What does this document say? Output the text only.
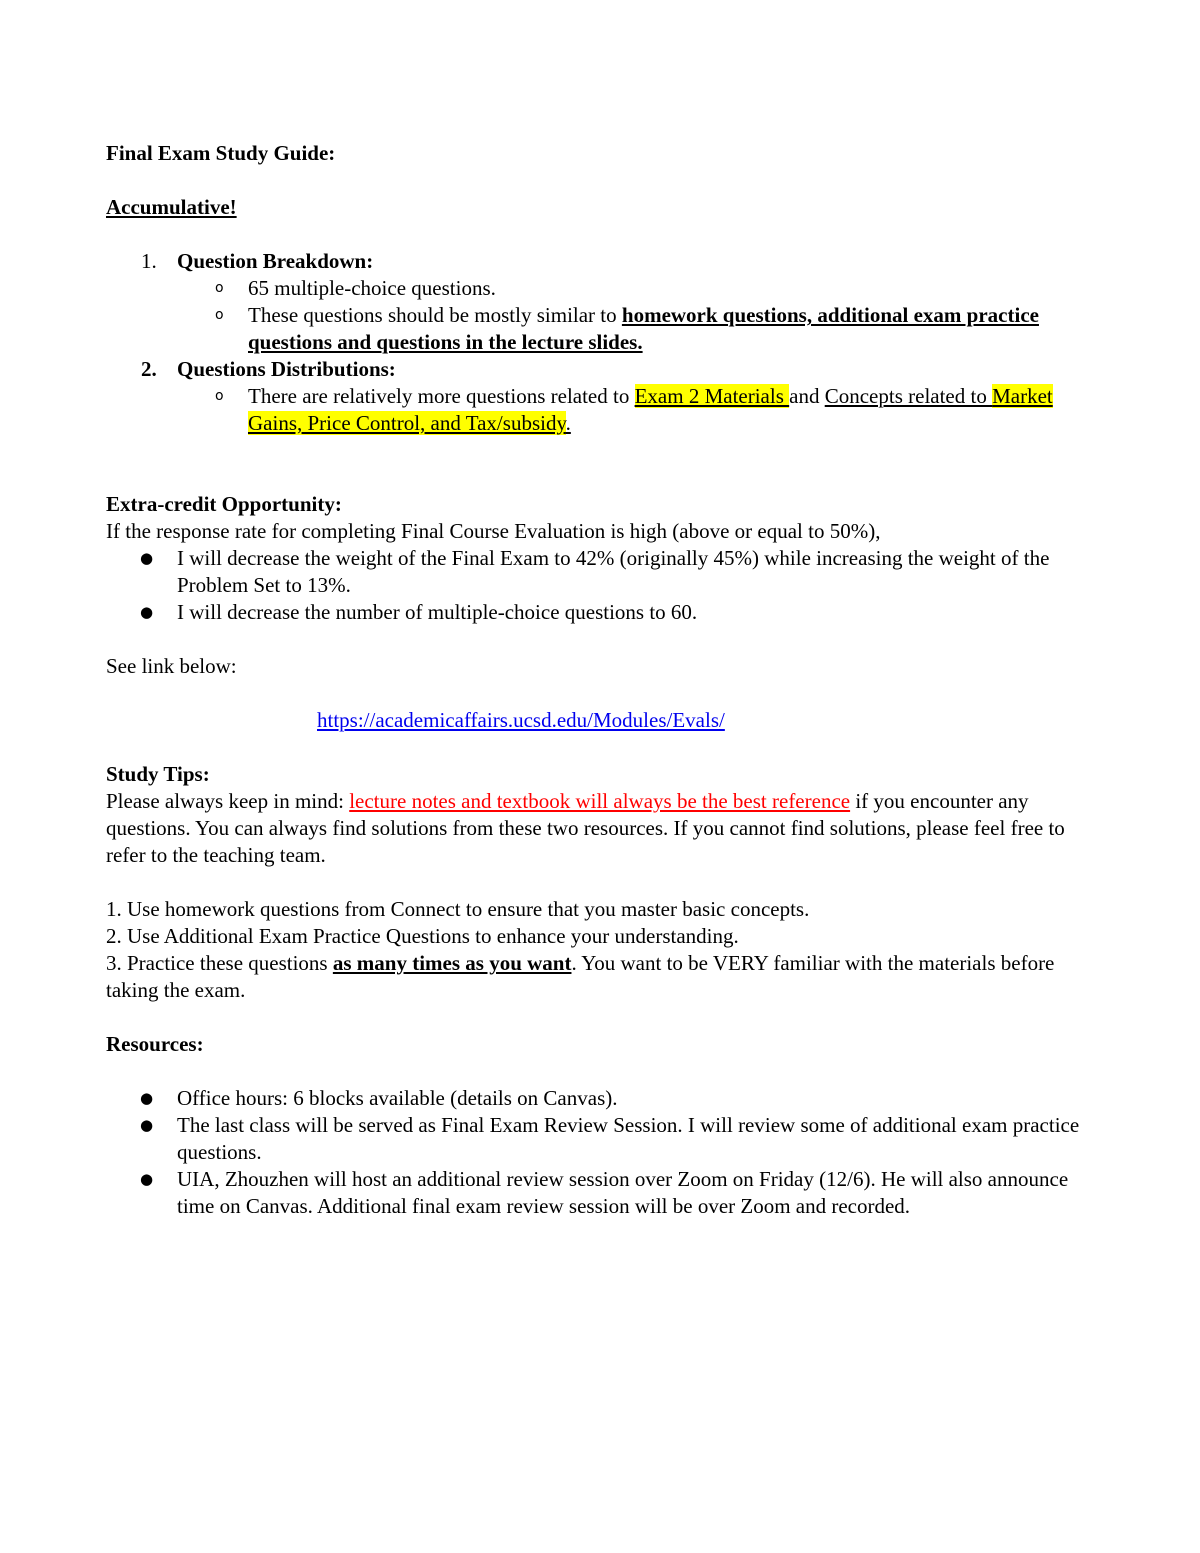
Final Exam Study Guide:

Accumulative!

1. Question Breakdown:
o 65 multiple-choice questions.
o These questions should be mostly similar to homework questions, additional exam practice questions and questions in the lecture slides.
2. Questions Distributions:
o There are relatively more questions related to Exam 2 Materials and Concepts related to Market Gains, Price Control, and Tax/subsidy.

Extra-credit Opportunity:

If the response rate for completing Final Course Evaluation is high (above or equal to 50%),

● I will decrease the weight of the Final Exam to 42% (originally 45%) while increasing the weight of the Problem Set to 13%.
● I will decrease the number of multiple-choice questions to 60.

See link below:

https://academicaffairs.ucsd.edu/Modules/Evals/

Study Tips:

Please always keep in mind: lecture notes and textbook will always be the best reference if you encounter any questions. You can always find solutions from these two resources. If you cannot find solutions, please feel free to refer to the teaching team.

1. Use homework questions from Connect to ensure that you master basic concepts.

2. Use Additional Exam Practice Questions to enhance your understanding.

3. Practice these questions as many times as you want. You want to be VERY familiar with the materials before taking the exam.

Resources:

● Office hours: 6 blocks available (details on Canvas).
● The last class will be served as Final Exam Review Session. I will review some of additional exam practice questions.
● UIA, Zhouzhen will host an additional review session over Zoom on Friday (12/6). He will also announce time on Canvas. Additional final exam review session will be over Zoom and recorded.
